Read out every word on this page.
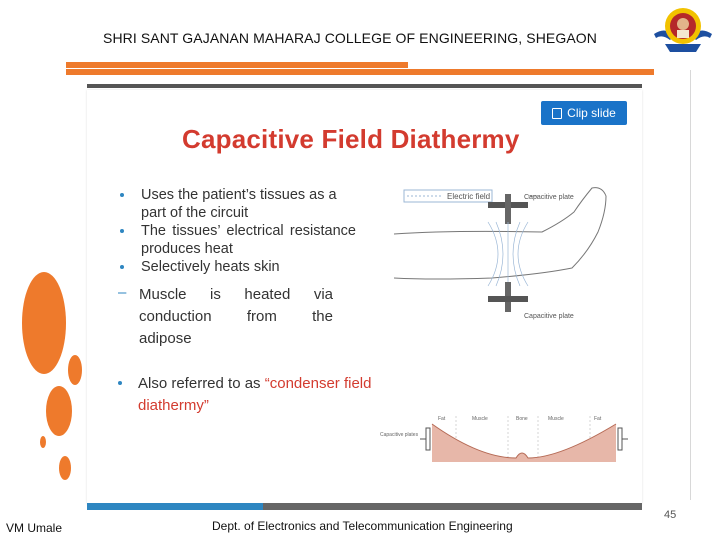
SHRI SANT GAJANAN MAHARAJ COLLEGE OF ENGINEERING, SHEGAON
Clip slide
Capacitive Field Diathermy
Uses the patient’s tissues as a part of the circuit
The tissues’ electrical resistance produces heat
Selectively heats skin
– Muscle is heated via
conduction from the
adipose
Also referred to as “condenser field
diathermy”
Electric field	Capacitive plate
Capacitive plate
Fat	Muscle	Bone	Muscle	Fat
Capacitive plates
45
VM Umale	Dept. of Electronics and Telecommunication Engineering
